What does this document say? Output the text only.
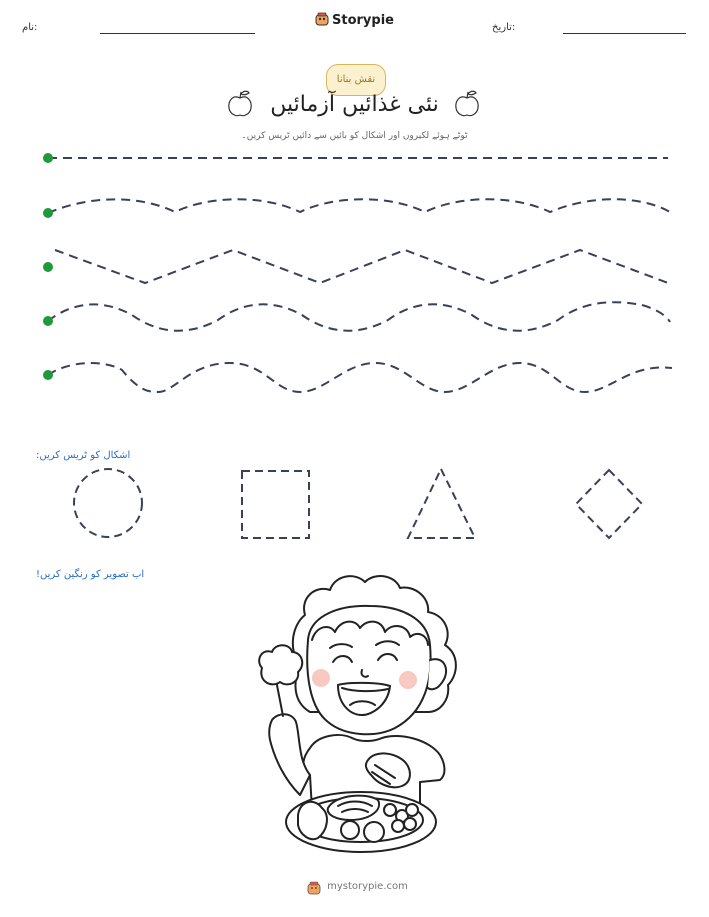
نام:	Storypie	تاریخ:
نقش بنانا
نئی غذائیں آزمائیں
ٹوٹے ہوئے لکیروں اور اشکال کو بائیں سے دائیں ٹریس کریں۔
اشکال کو ٹریس کریں:
اب تصویر کو رنگین کریں!
mystorypie.com
